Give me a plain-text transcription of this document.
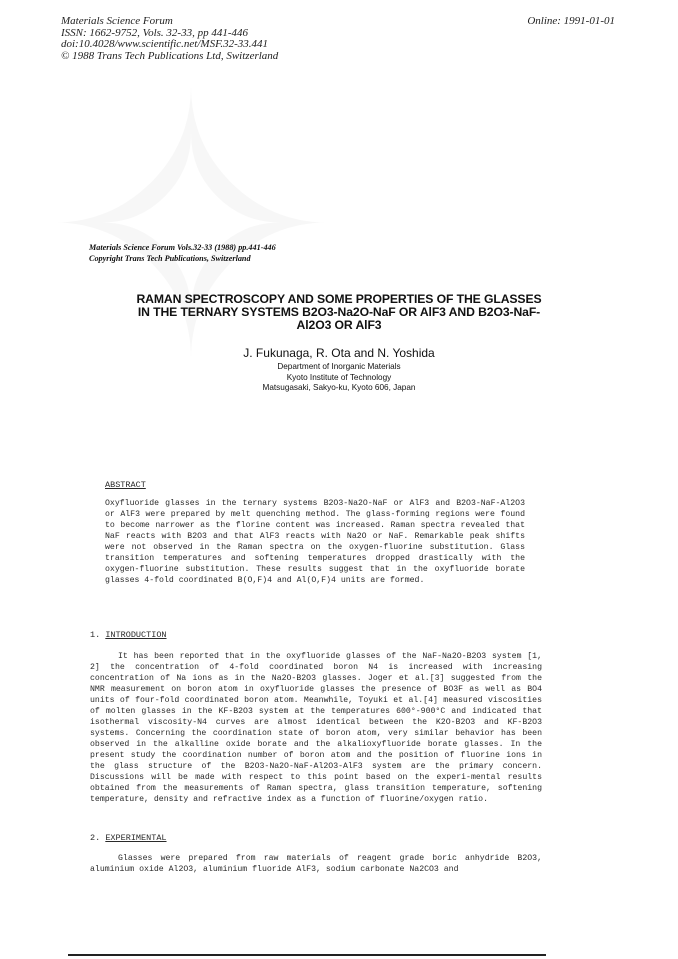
Materials Science Forum
ISSN: 1662-9752, Vols. 32-33, pp 441-446
doi:10.4028/www.scientific.net/MSF.32-33.441
© 1988 Trans Tech Publications Ltd, Switzerland
Online: 1991-01-01
Materials Science Forum Vols.32-33 (1988) pp.441-446
Copyright Trans Tech Publications, Switzerland
RAMAN SPECTROSCOPY AND SOME PROPERTIES OF THE GLASSES
IN THE TERNARY SYSTEMS B2O3-Na2O-NaF OR AlF3 AND B2O3-NaF-
Al2O3 OR AlF3
J. Fukunaga, R. Ota and N. Yoshida
Department of Inorganic Materials
Kyoto Institute of Technology
Matsugasaki, Sakyo-ku, Kyoto 606, Japan
ABSTRACT

Oxyfluoride glasses in the ternary systems B2O3-Na2O-NaF or AlF3 and B2O3-NaF-Al2O3 or AlF3 were prepared by melt quenching method. The glass-forming regions were found to become narrower as the florine content was increased. Raman spectra revealed that NaF reacts with B2O3 and that AlF3 reacts with Na2O or NaF. Remarkable peak shifts were not observed in the Raman spectra on the oxygen-fluorine substitution. Glass transition temperatures and softening temperatures dropped drastically with the oxygen-fluorine substitution. These results suggest that in the oxyfluoride borate glasses 4-fold coordinated B(O,F)4 and Al(O,F)4 units are formed.

1. INTRODUCTION

It has been reported that in the oxyfluoride glasses of the NaF-Na2O-B2O3 system [1, 2] the concentration of 4-fold coordinated boron N4 is increased with increasing concentration of Na ions as in the Na2O-B2O3 glasses. Joger et al.[3] suggested from the NMR measurement on boron atom in oxyfluoride glasses the presence of BO3F as well as BO4 units of four-fold coordinated boron atom. Meanwhile, Toyuki et al.[4] measured viscosities of molten glasses in the KF-B2O3 system at the temperatures 600°-900°C and indicated that isothermal viscosity-N4 curves are almost identical between the K2O-B2O3 and KF-B2O3 systems. Concerning the coordination state of boron atom, very similar behavior has been observed in the alkalline oxide borate and the alkalioxyfluoride borate glasses. In the present study the coordination number of boron atom and the position of fluorine ions in the glass structure of the B2O3-Na2O-NaF-Al2O3-AlF3 system are the primary concern. Discussions will be made with respect to this point based on the experi-mental results obtained from the measurements of Raman spectra, glass transition temperature, softening temperature, density and refractive index as a function of fluorine/oxygen ratio.

2. EXPERIMENTAL

Glasses were prepared from raw materials of reagent grade boric anhydride B2O3, aluminium oxide Al2O3, aluminium fluoride AlF3, sodium carbonate Na2CO3 and
